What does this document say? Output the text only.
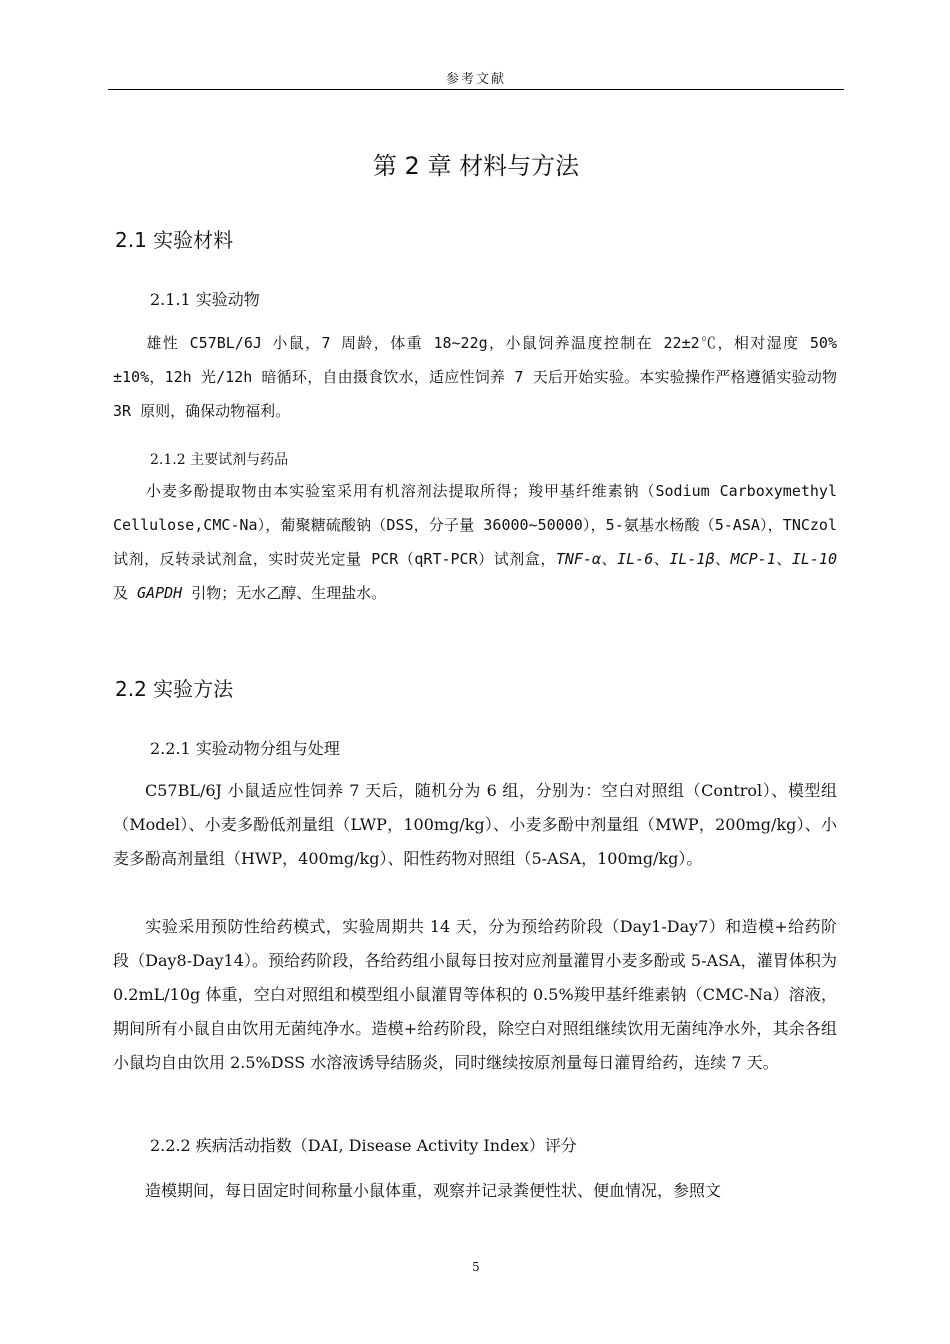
参考文献
第 2 章 材料与方法
2.1 实验材料
2.1.1 实验动物
雄性 C57BL/6J 小鼠，7 周龄，体重 18~22g，小鼠饲养温度控制在 22±2℃，相对湿度 50%±10%，12h 光/12h 暗循环，自由摄食饮水，适应性饲养 7 天后开始实验。本实验操作严格遵循实验动物 3R 原则，确保动物福利。
2.1.2 主要试剂与药品
小麦多酚提取物由本实验室采用有机溶剂法提取所得；羧甲基纤维素钠（Sodium Carboxymethyl Cellulose,CMC-Na），葡聚糖硫酸钠（DSS，分子量 36000~50000），5-氨基水杨酸（5-ASA），TNCzol 试剂，反转录试剂盒，实时荧光定量 PCR（qRT-PCR）试剂盒，TNF-α、IL-6、IL-1β、MCP-1、IL-10 及 GAPDH 引物；无水乙醇、生理盐水。
2.2 实验方法
2.2.1 实验动物分组与处理
C57BL/6J 小鼠适应性饲养 7 天后，随机分为 6 组，分别为：空白对照组（Control）、模型组（Model）、小麦多酚低剂量组（LWP，100mg/kg）、小麦多酚中剂量组（MWP，200mg/kg）、小麦多酚高剂量组（HWP，400mg/kg）、阳性药物对照组（5-ASA，100mg/kg）。
实验采用预防性给药模式，实验周期共 14 天，分为预给药阶段（Day1-Day7）和造模+给药阶段（Day8-Day14）。预给药阶段，各给药组小鼠每日按对应剂量灌胃小麦多酚或 5-ASA，灌胃体积为 0.2mL/10g 体重，空白对照组和模型组小鼠灌胃等体积的 0.5%羧甲基纤维素钠（CMC-Na）溶液，期间所有小鼠自由饮用无菌纯净水。造模+给药阶段，除空白对照组继续饮用无菌纯净水外，其余各组小鼠均自由饮用 2.5%DSS 水溶液诱导结肠炎，同时继续按原剂量每日灌胃给药，连续 7 天。
2.2.2 疾病活动指数（DAI, Disease Activity Index）评分
造模期间，每日固定时间称量小鼠体重，观察并记录粪便性状、便血情况，参照文
5
